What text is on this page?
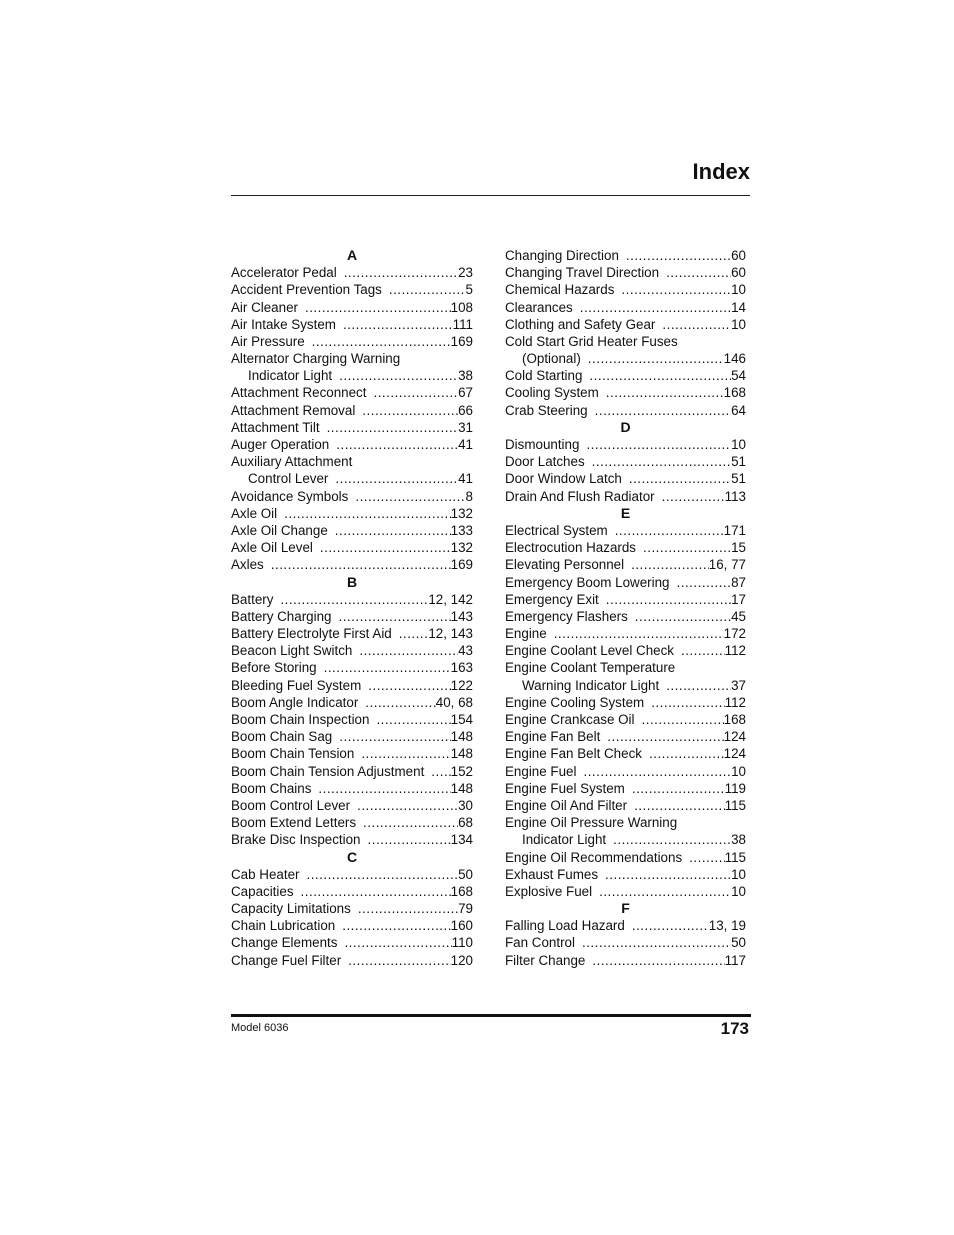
Index
A
Accelerator Pedal .....	23
Accident Prevention Tags .....	5
Air Cleaner .....	108
Air Intake System .....	111
Air Pressure .....	169
Alternator Charging Warning
Indicator Light .....	38
Attachment Reconnect .....	67
Attachment Removal .....	66
Attachment Tilt .....	31
Auger Operation .....	41
Auxiliary Attachment
Control Lever .....	41
Avoidance Symbols .....	8
Axle Oil .....	132
Axle Oil Change .....	133
Axle Oil Level .....	132
Axles .....	169
B
Battery .....	12, 142
Battery Charging .....	143
Battery Electrolyte First Aid .....	12, 143
Beacon Light Switch .....	43
Before Storing .....	163
Bleeding Fuel System .....	122
Boom Angle Indicator .....	40, 68
Boom Chain Inspection .....	154
Boom Chain Sag .....	148
Boom Chain Tension .....	148
Boom Chain Tension Adjustment ..... 152
Boom Chains .....	148
Boom Control Lever .....	30
Boom Extend Letters .....	68
Brake Disc Inspection .....	134
C
Cab Heater .....	50
Capacities .....	168
Capacity Limitations .....	79
Chain Lubrication .....	160
Change Elements .....	110
Change Fuel Filter .....	120
Changing Direction .....	60
Changing Travel Direction .....	60
Chemical Hazards .....	10
Clearances .....	14
Clothing and Safety Gear .....	10
Cold Start Grid Heater Fuses
(Optional) .....	146
Cold Starting .....	54
Cooling System .....	168
Crab Steering .....	64
D
Dismounting .....	10
Door Latches .....	51
Door Window Latch .....	51
Drain And Flush Radiator .....	113
E
Electrical System .....	171
Electrocution Hazards .....	15
Elevating Personnel .....	16, 77
Emergency Boom Lowering .....	87
Emergency Exit .....	17
Emergency Flashers .....	45
Engine .....	172
Engine Coolant Level Check .....	112
Engine Coolant Temperature
Warning Indicator Light .....	37
Engine Cooling System .....	112
Engine Crankcase Oil .....	168
Engine Fan Belt .....	124
Engine Fan Belt Check .....	124
Engine Fuel .....	10
Engine Fuel System .....	119
Engine Oil And Filter .....	115
Engine Oil Pressure Warning
Indicator Light .....	38
Engine Oil Recommendations .....	115
Exhaust Fumes .....	10
Explosive Fuel .....	10
F
Falling Load Hazard .....	13, 19
Fan Control .....	50
Filter Change .....	117
Model 6036	173
